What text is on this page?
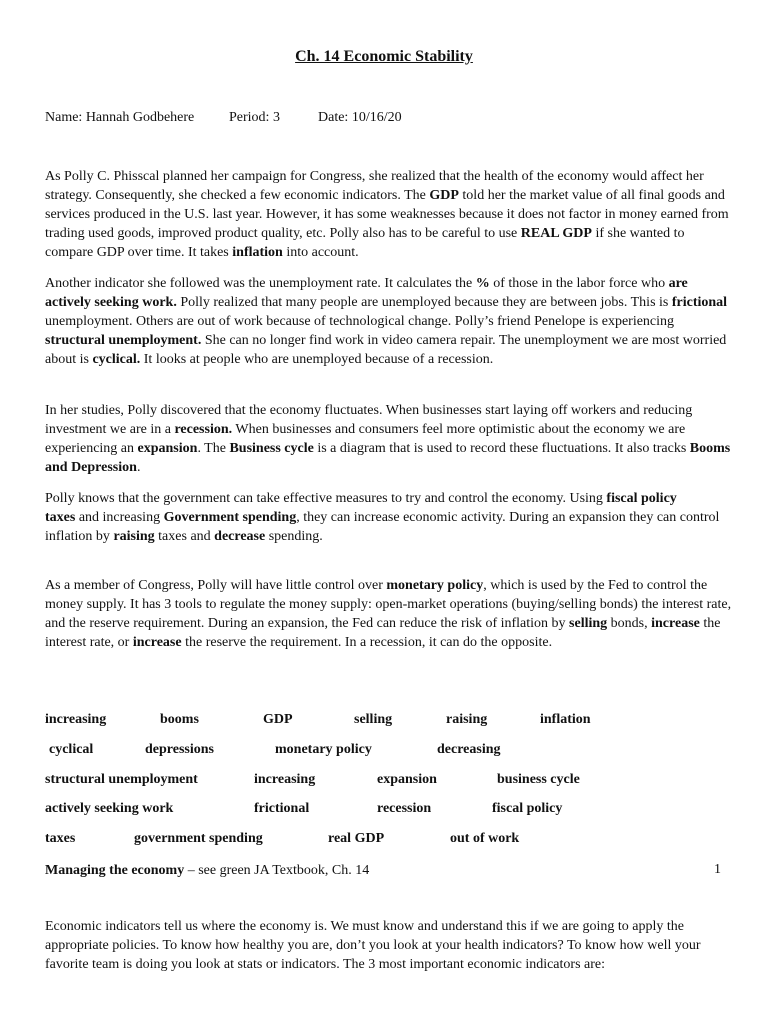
Ch. 14 Economic Stability
Name: Hannah Godbehere Period: 3	Date: 10/16/20

As Polly C. Phisscal planned her campaign for Congress, she realized that the health of the economy would affect her strategy. Consequently, she checked a few economic indicators. The GDP told her the market value of all final goods and services produced in the U.S. last year. However, it has some weaknesses because it does not factor in money earned from trading used goods, improved product quality, etc. Polly also has to be careful to use REAL GDP if she wanted to compare GDP over time. It takes inflation into account.

Another indicator she followed was the unemployment rate. It calculates the % of those in the labor force who are actively seeking work. Polly realized that many people are unemployed because they are between jobs. This is frictional unemployment. Others are out of work because of technological change. Polly’s friend Penelope is experiencing structural unemployment. She can no longer find work in video camera repair. The unemployment we are most worried about is cyclical. It looks at people who are unemployed because of a recession.

In her studies, Polly discovered that the economy fluctuates. When businesses start laying off workers and reducing investment we are in a recession. When businesses and consumers feel more optimistic about the economy we are experiencing an expansion. The Business cycle is a diagram that is used to record these fluctuations. It also tracks Booms and Depression.

Polly knows that the government can take effective measures to try and control the economy. Using fiscal policytaxes and increasing Government spending, they can increase economic activity. During an expansion they can control inflation by raising taxes and decrease spending.

As a member of Congress, Polly will have little control over monetary policy, which is used by the Fed to control the money supply. It has 3 tools to regulate the money supply: open-market operations (buying/selling bonds) the interest rate, and the reserve requirement. During an expansion, the Fed can reduce the risk of inflation by selling bonds, increase the interest rate, or increase the reserve the requirement. In a recession, it can do the opposite.

increasing	booms	GDP	selling	raising	inflation
cyclical	depressions	monetary policy	decreasing
structural unemployment	increasing	expansion	business cycle
actively seeking work	frictional	recession	fiscal policy
taxes	government spending	real GDP	out of work
1
Managing the economy – see green JA Textbook, Ch. 14

Economic indicators tell us where the economy is. We must know and understand this if we are going to apply the appropriate policies. To know how healthy you are, don’t you look at your health indicators? To know how well your favorite team is doing you look at stats or indicators. The 3 most important economic indicators are:
